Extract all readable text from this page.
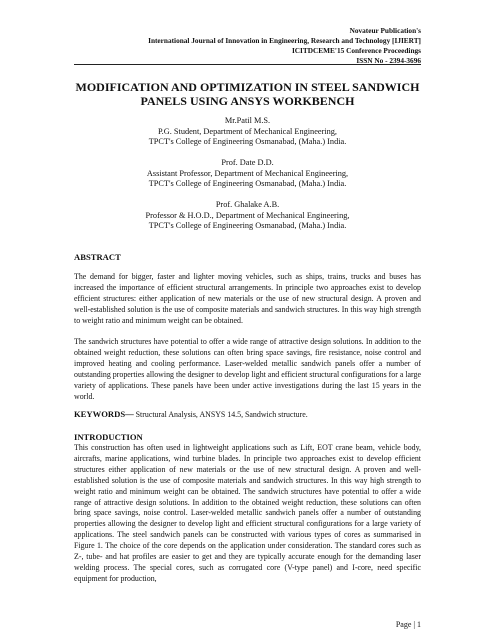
Novateur Publication's
International Journal of Innovation in Engineering, Research and Technology [IJIERT]
ICITDCEME'15 Conference Proceedings
ISSN No - 2394-3696
MODIFICATION AND OPTIMIZATION IN STEEL SANDWICH
PANELS USING ANSYS WORKBENCH
Mr.Patil M.S.
P.G. Student, Department of Mechanical Engineering,
TPCT's College of Engineering Osmanabad, (Maha.) India.
Prof. Date D.D.
Assistant Professor, Department of Mechanical Engineering,
TPCT's College of Engineering Osmanabad, (Maha.) India.
Prof. Ghalake A.B.
Professor & H.O.D., Department of Mechanical Engineering,
TPCT's College of Engineering Osmanabad, (Maha.) India.
ABSTRACT

The demand for bigger, faster and lighter moving vehicles, such as ships, trains, trucks and buses has increased the importance of efficient structural arrangements. In principle two approaches exist to develop efficient structures: either application of new materials or the use of new structural design. A proven and well-established solution is the use of composite materials and sandwich structures. In this way high strength to weight ratio and minimum weight can be obtained.

The sandwich structures have potential to offer a wide range of attractive design solutions. In addition to the obtained weight reduction, these solutions can often bring space savings, fire resistance, noise control and improved heating and cooling performance. Laser-welded metallic sandwich panels offer a number of outstanding properties allowing the designer to develop light and efficient structural configurations for a large variety of applications. These panels have been under active investigations during the last 15 years in the world.

KEYWORDS— Structural Analysis, ANSYS 14.5, Sandwich structure.

INTRODUCTION

This construction has often used in lightweight applications such as Lift, EOT crane beam, vehicle body, aircrafts, marine applications, wind turbine blades. In principle two approaches exist to develop efficient structures either application of new materials or the use of new structural design. A proven and well-established solution is the use of composite materials and sandwich structures. In this way high strength to weight ratio and minimum weight can be obtained. The sandwich structures have potential to offer a wide range of attractive design solutions. In addition to the obtained weight reduction, these solutions can often bring space savings, noise control. Laser-welded metallic sandwich panels offer a number of outstanding properties allowing the designer to develop light and efficient structural configurations for a large variety of applications. The steel sandwich panels can be constructed with various types of cores as summarised in Figure 1. The choice of the core depends on the application under consideration. The standard cores such as Z-, tube- and hat profiles are easier to get and they are typically accurate enough for the demanding laser welding process. The special cores, such as corrugated core (V-type panel) and I-core, need specific equipment for production,

Page | 1
